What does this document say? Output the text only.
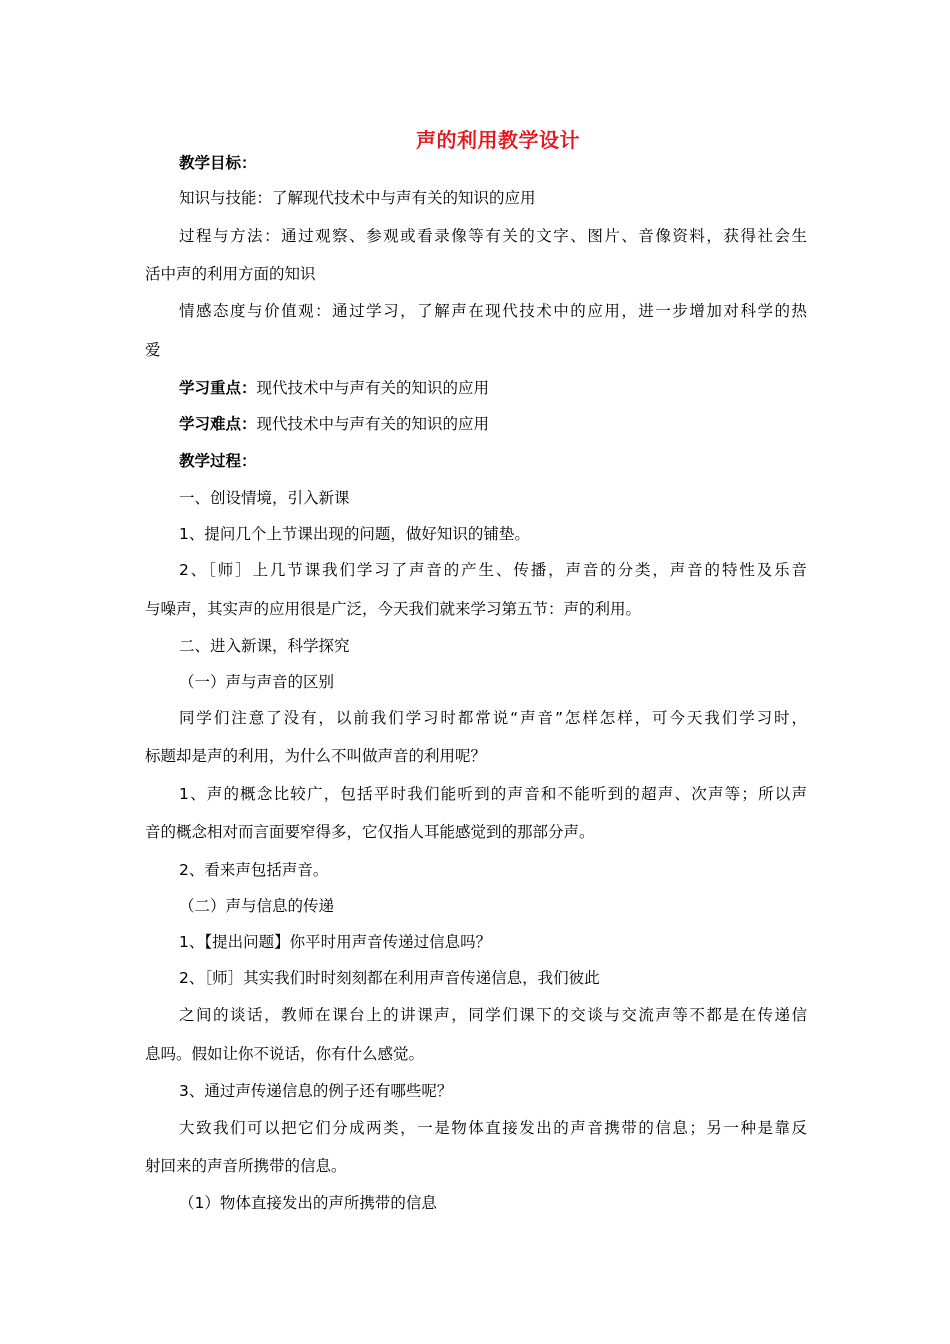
声的利用教学设计
教学目标：
知识与技能：了解现代技术中与声有关的知识的应用
过程与方法：通过观察、参观或看录像等有关的文字、图片、音像资料，获得社会生
活中声的利用方面的知识
情感态度与价值观：通过学习，了解声在现代技术中的应用，进一步增加对科学的热
爱
学习重点：现代技术中与声有关的知识的应用
学习难点：现代技术中与声有关的知识的应用
教学过程：
一、创设情境，引入新课
1、提问几个上节课出现的问题，做好知识的铺垫。
2、［师］上几节课我们学习了声音的产生、传播，声音的分类，声音的特性及乐音
与噪声，其实声的应用很是广泛，今天我们就来学习第五节：声的利用。
二、进入新课，科学探究
（一）声与声音的区别
同学们注意了没有，以前我们学习时都常说“声音”怎样怎样，可今天我们学习时，
标题却是声的利用，为什么不叫做声音的利用呢？
1、声的概念比较广，包括平时我们能听到的声音和不能听到的超声、次声等；所以声
音的概念相对而言面要窄得多，它仅指人耳能感觉到的那部分声。
2、看来声包括声音。
（二）声与信息的传递
1、【提出问题】你平时用声音传递过信息吗？
2、［师］其实我们时时刻刻都在利用声音传递信息，我们彼此
之间的谈话，教师在课台上的讲课声，同学们课下的交谈与交流声等不都是在传递信
息吗。假如让你不说话，你有什么感觉。
3、通过声传递信息的例子还有哪些呢？
大致我们可以把它们分成两类，一是物体直接发出的声音携带的信息；另一种是靠反
射回来的声音所携带的信息。
（1）物体直接发出的声所携带的信息
